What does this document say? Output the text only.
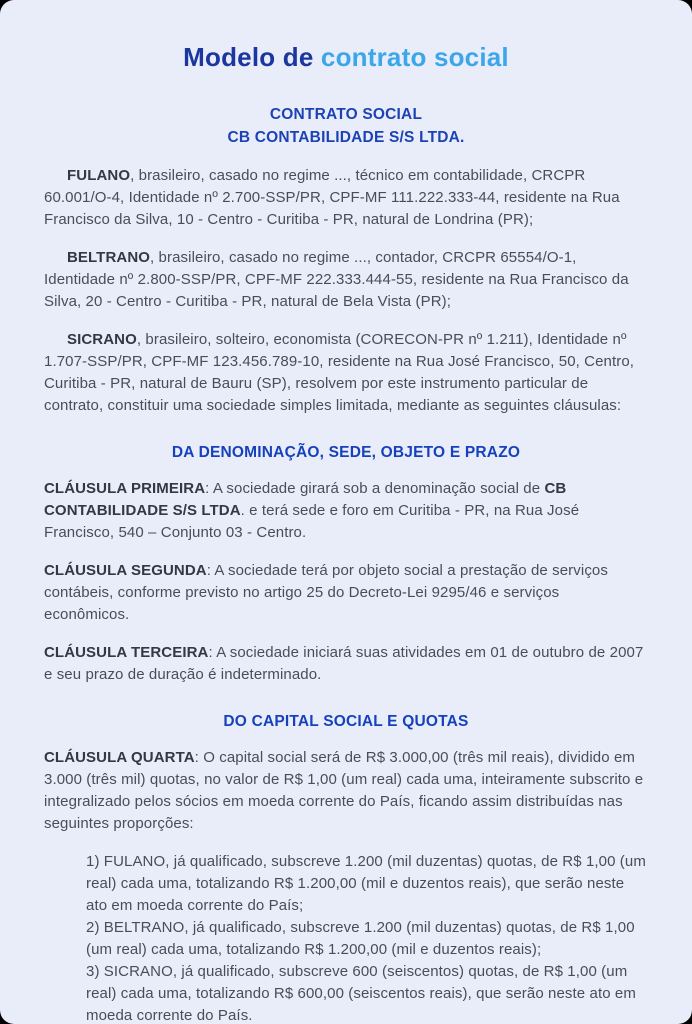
Modelo de contrato social
CONTRATO SOCIAL
CB CONTABILIDADE S/S LTDA.

FULANO, brasileiro, casado no regime ..., técnico em contabilidade, CRCPR 60.001/O-4, Identidade nº 2.700-SSP/PR, CPF-MF 111.222.333-44, residente na Rua Francisco da Silva, 10 - Centro - Curitiba - PR, natural de Londrina (PR);

BELTRANO, brasileiro, casado no regime ..., contador, CRCPR 65554/O-1, Identidade nº 2.800-SSP/PR, CPF-MF 222.333.444-55, residente na Rua Francisco da Silva, 20 - Centro - Curitiba - PR, natural de Bela Vista (PR);

SICRANO, brasileiro, solteiro, economista (CORECON-PR nº 1.211), Identidade nº 1.707-SSP/PR, CPF-MF 123.456.789-10, residente na Rua José Francisco, 50, Centro, Curitiba - PR, natural de Bauru (SP), resolvem por este instrumento particular de contrato, constituir uma sociedade simples limitada, mediante as seguintes cláusulas:

DA DENOMINAÇÃO, SEDE, OBJETO E PRAZO

CLÁUSULA PRIMEIRA: A sociedade girará sob a denominação social de CB CONTABILIDADE S/S LTDA. e terá sede e foro em Curitiba - PR, na Rua José Francisco, 540 – Conjunto 03 - Centro.

CLÁUSULA SEGUNDA: A sociedade terá por objeto social a prestação de serviços contábeis, conforme previsto no artigo 25 do Decreto-Lei 9295/46 e serviços econômicos.

CLÁUSULA TERCEIRA: A sociedade iniciará suas atividades em 01 de outubro de 2007 e seu prazo de duração é indeterminado.

DO CAPITAL SOCIAL E QUOTAS

CLÁUSULA QUARTA: O capital social será de R$ 3.000,00 (três mil reais), dividido em 3.000 (três mil) quotas, no valor de R$ 1,00 (um real) cada uma, inteiramente subscrito e integralizado pelos sócios em moeda corrente do País, ficando assim distribuídas nas seguintes proporções:

1) FULANO, já qualificado, subscreve 1.200 (mil duzentas) quotas, de R$ 1,00 (um real) cada uma, totalizando R$ 1.200,00 (mil e duzentos reais), que serão neste ato em moeda corrente do País;

2) BELTRANO, já qualificado, subscreve 1.200 (mil duzentas) quotas, de R$ 1,00 (um real) cada uma, totalizando R$ 1.200,00 (mil e duzentos reais);

3) SICRANO, já qualificado, subscreve 600 (seiscentos) quotas, de R$ 1,00 (um real) cada uma, totalizando R$ 600,00 (seiscentos reais), que serão neste ato em moeda corrente do País.
